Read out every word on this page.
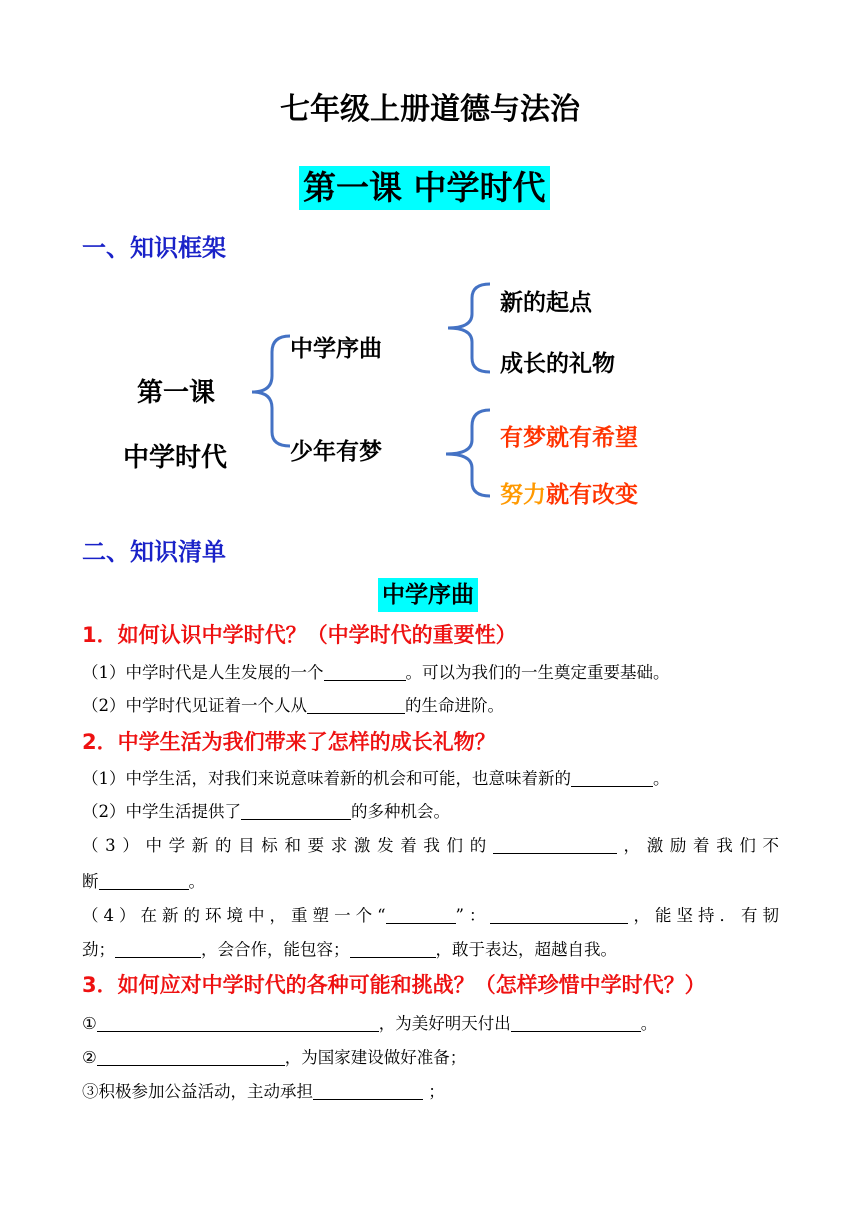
七年级上册道德与法治
第一课 中学时代
一、知识框架
第一课
中学时代
中学序曲
少年有梦
新的起点
成长的礼物
有梦就有希望
努力就有改变
二、知识清单
中学序曲
1．如何认识中学时代？（中学时代的重要性）
（1）中学时代是人生发展的一个	。可以为我们的一生奠定重要基础。
（2）中学时代见证着一个人从	的生命进阶。
2．中学生活为我们带来了怎样的成长礼物？
（1）中学生活，对我们来说意味着新的机会和可能，也意味着新的	。
（2）中学生活提供了	的多种机会。
（3）中学新的目标和要求激发着我们的	，激励着我们不
断	。
（4）在新的环境中，重塑一个“	”：	，能坚持．有韧
劲；	，会合作，能包容；	，敢于表达，超越自我。
3．如何应对中学时代的各种可能和挑战？（怎样珍惜中学时代？）
①	，为美好明天付出	。
②	，为国家建设做好准备；
③积极参加公益活动，主动承担	；
